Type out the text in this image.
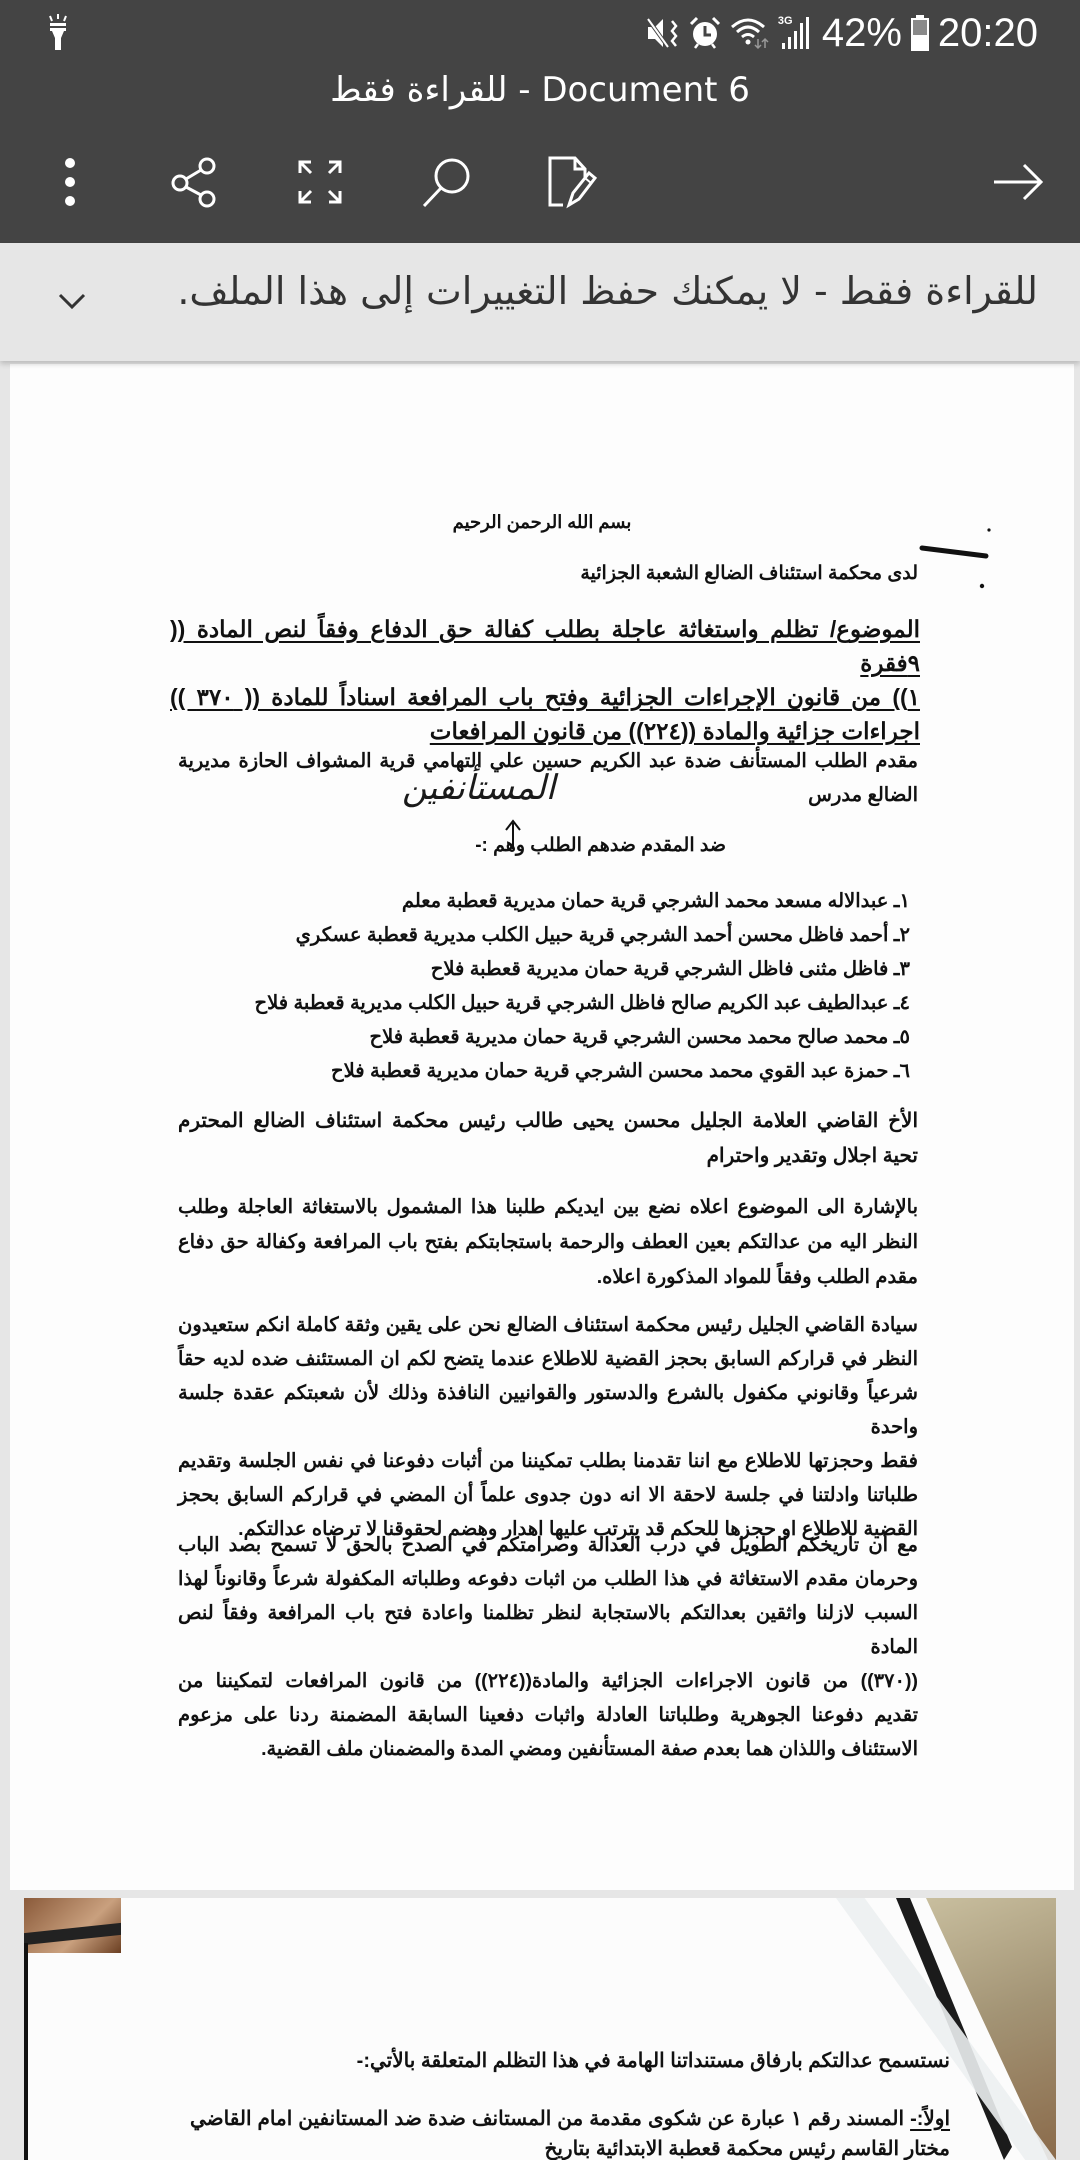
3G 42% 20:20
للقراءة فقط - Document 6
للقراءة فقط - لا يمكنك حفظ التغييرات إلى هذا الملف.
بسم الله الرحمن الرحيم
لدى محكمة استئناف الضالع الشعبة الجزائية
الموضوع/ تظلم واستغاثة عاجلة بطلب كفالة حق الدفاع وفقاً لنص المادة (( ٩فقرة
١)) من قانون الإجراءات الجزائية وفتح باب المرافعة اسناداً للمادة (( ٣٧٠ ))
اجراءات جزائية والمادة ((٢٢٤)) من قانون المرافعات
مقدم الطلب المستأنف ضدة عبد الكريم حسين علي التهامي قرية المشواف الحازة مديرية
الضالع مدرس
المستأنفين
ضد المقدم ضدهم الطلب وهم :-
١ـ عبدالاله مسعد محمد الشرجي قرية حمان مديرية قعطبة معلم
٢ـ أحمد فاظل محسن أحمد الشرجي قرية حبيل الكلب مديرية قعطبة عسكري
٣ـ فاظل مثنى فاظل الشرجي قرية حمان مديرية قعطبة فلاح
٤ـ عبدالطيف عبد الكريم صالح فاظل الشرجي قرية حبيل الكلب مديرية قعطبة فلاح
٥ـ محمد صالح محمد محسن الشرجي قرية حمان مديرية قعطبة فلاح
٦ـ حمزة عبد القوي محمد محسن الشرجي قرية حمان مديرية قعطبة فلاح
الأخ القاضي العلامة الجليل محسن يحيى طالب رئيس محكمة استئناف الضالع المحترم
تحية اجلال وتقدير واحترام
بالإشارة الى الموضوع اعلاه نضع بين ايديكم طلبنا هذا المشمول بالاستغاثة العاجلة وطلب
النظر اليه من عدالتكم بعين العطف والرحمة باستجابتكم بفتح باب المرافعة وكفالة حق دفاع
مقدم الطلب وفقاً للمواد المذكورة اعلاه.
سيادة القاضي الجليل رئيس محكمة استئناف الضالع نحن على يقين وثقة كاملة انكم ستعيدون
النظر في قراركم السابق بحجز القضية للاطلاع عندما يتضح لكم ان المستئنف ضده لديه حقاً
شرعياً وقانوني مكفول بالشرع والدستور والقوانيين النافذة وذلك لأن شعبتكم عقدة جلسة واحدة
فقط وحجزتها للاطلاع مع اننا تقدمنا بطلب تمكيننا من أثبات دفوعنا في نفس الجلسة وتقديم
طلباتنا وادلتنا في جلسة لاحقة الا انه دون جدوى علماً أن المضي في قراركم السابق بحجز
القضية للاطلاع او حجزها للحكم قد يترتب عليها اهدار وهضم لحقوقنا لا ترضاه عدالتكم.
مع أن تاريخكم الطويل في درب العدالة وصرامتكم في الصدح بالحق لا تسمح بصد الباب
وحرمان مقدم الاستغاثة في هذا الطلب من اثبات دفوعه وطلباته المكفولة شرعاً وقانوناً لهذا
السبب لازلنا واثقين بعدالتكم بالاستجابة لنظر تظلمنا واعادة فتح باب المرافعة وفقاً لنص المادة
((٣٧٠)) من قانون الاجراءات الجزائية والمادة((٢٢٤)) من قانون المرافعات لتمكيننا من
تقديم دفوعنا الجوهرية وطلباتنا العادلة واثبات دفعينا السابقة المضمنة ردنا على مزعوم
الاستئناف واللذان هما بعدم صفة المستأنفين ومضي المدة والمضمنان ملف القضية.
نستسمح عدالتكم بارفاق مستنداتنا الهامة في هذا التظلم المتعلقة بالأتي:-
اولاً:- المسند رقم ١ عبارة عن شكوى مقدمة من المستانف ضدة ضد المستانفين امام القاضي
مختار القاسم رئيس محكمة قعطبة الابتدائية بتاريخ
